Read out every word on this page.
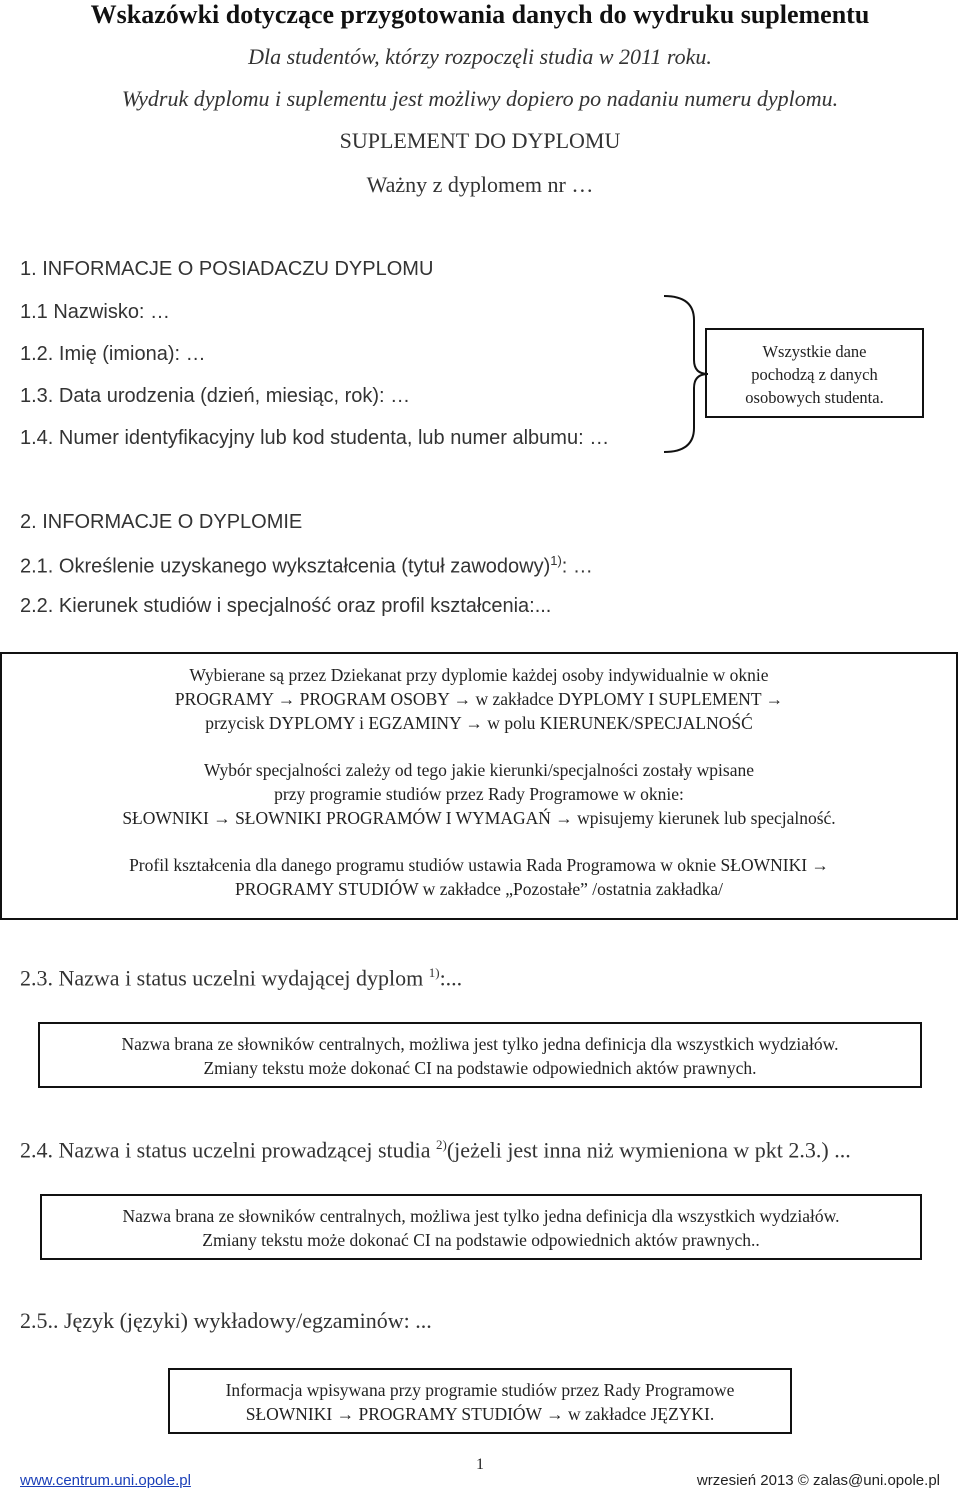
Wskazówki dotyczące przygotowania danych do wydruku suplementu
Dla studentów, którzy rozpoczęli studia w 2011 roku.
Wydruk dyplomu i suplementu jest możliwy dopiero po nadaniu numeru dyplomu.
SUPLEMENT DO DYPLOMU
Ważny z dyplomem nr …
1. INFORMACJE O POSIADACZU DYPLOMU
1.1 Nazwisko: …
1.2. Imię (imiona): …
1.3. Data urodzenia (dzień, miesiąc, rok): …
1.4. Numer identyfikacyjny lub kod studenta, lub numer albumu: …

Wszystkie dane

pochodzą z danych

osobowych studenta.

2. INFORMACJE O DYPLOMIE
2.1. Określenie uzyskanego wykształcenia (tytuł zawodowy)$^{1)}$: …
2.2. Kierunek studiów i specjalność oraz profil kształcenia:...

Wybierane są przez Dziekanat przy dyplomie każdej osoby indywidualnie w oknie

PROGRAMY → PROGRAM OSOBY → w zakładce DYPLOMY I SUPLEMENT →

przycisk DYPLOMY i EGZAMINY → w polu KIERUNEK/SPECJALNOŚĆ

Wybór specjalności zależy od tego jakie kierunki/specjalności zostały wpisane

przy programie studiów przez Rady Programowe w oknie:

SŁOWNIKI → SŁOWNIKI PROGRAMÓW I WYMAGAŃ → wpisujemy kierunek lub specjalność.

Profil kształcenia dla danego programu studiów ustawia Rada Programowa w oknie SŁOWNIKI →

PROGRAMY STUDIÓW w zakładce „Pozostałe” /ostatnia zakładka/

2.3. Nazwa i status uczelni wydającej dyplom $^{1)}$:...

Nazwa brana ze słowników centralnych, możliwa jest tylko jedna definicja dla wszystkich wydziałów.

Zmiany tekstu może dokonać CI na podstawie odpowiednich aktów prawnych.

2.4. Nazwa i status uczelni prowadzącej studia $^{2)}$(jeżeli jest inna niż wymieniona w pkt 2.3.) ...

Nazwa brana ze słowników centralnych, możliwa jest tylko jedna definicja dla wszystkich wydziałów.

Zmiany tekstu może dokonać CI na podstawie odpowiednich aktów prawnych..

2.5.. Język (języki) wykładowy/egzaminów: ...

Informacja wpisywana przy programie studiów przez Rady Programowe

SŁOWNIKI → PROGRAMY STUDIÓW → w zakładce JĘZYKI.

1
www.centrum.uni.opole.pl	wrzesień 2013 © zalas@uni.opole.pl
